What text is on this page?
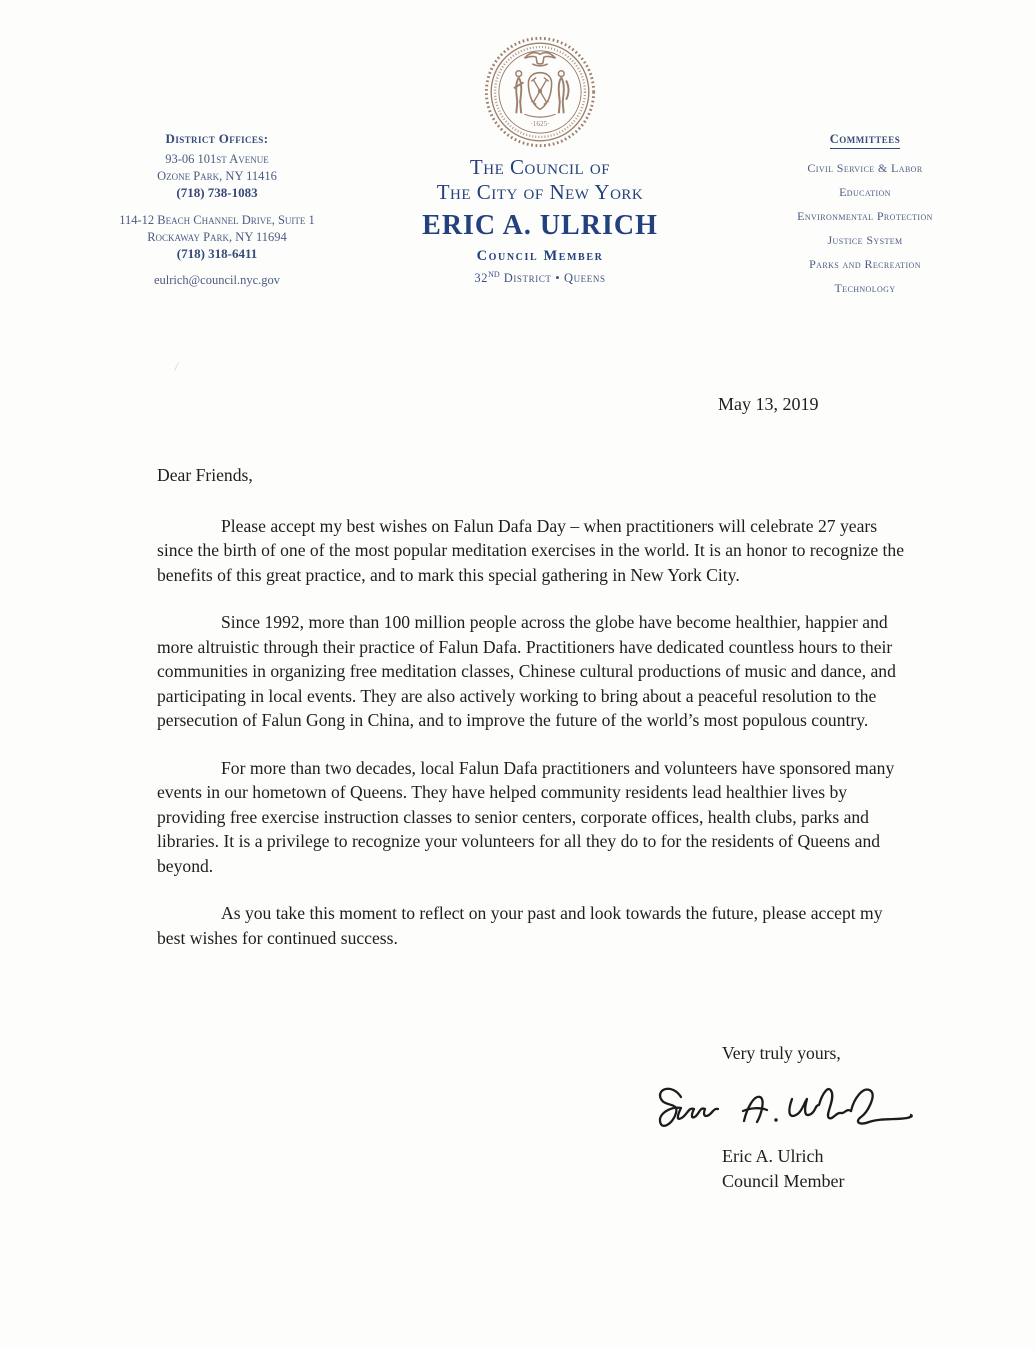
District Offices:
93-06 101st Avenue
Ozone Park, NY 11416
(718) 738-1083
114-12 Beach Channel Drive, Suite 1
Rockaway Park, NY 11694
(718) 318-6411
eulrich@council.nyc.gov
·1625·
The Council of
The City of New York
ERIC A. ULRICH
Council Member
32ND District • Queens
Committees
Civil Service & Labor
Education
Environmental Protection
Justice System
Parks and Recreation
Technology
May 13, 2019

Dear Friends,

Please accept my best wishes on Falun Dafa Day – when practitioners will celebrate 27 years since the birth of one of the most popular meditation exercises in the world. It is an honor to recognize the benefits of this great practice, and to mark this special gathering in New York City.

Since 1992, more than 100 million people across the globe have become healthier, happier and more altruistic through their practice of Falun Dafa. Practitioners have dedicated countless hours to their communities in organizing free meditation classes, Chinese cultural productions of music and dance, and participating in local events. They are also actively working to bring about a peaceful resolution to the persecution of Falun Gong in China, and to improve the future of the world’s most populous country.

For more than two decades, local Falun Dafa practitioners and volunteers have sponsored many events in our hometown of Queens. They have helped community residents lead healthier lives by providing free exercise instruction classes to senior centers, corporate offices, health clubs, parks and libraries. It is a privilege to recognize your volunteers for all they do to for the residents of Queens and beyond.

As you take this moment to reflect on your past and look towards the future, please accept my best wishes for continued success.

Very truly yours,
Eric A. Ulrich
Council Member
